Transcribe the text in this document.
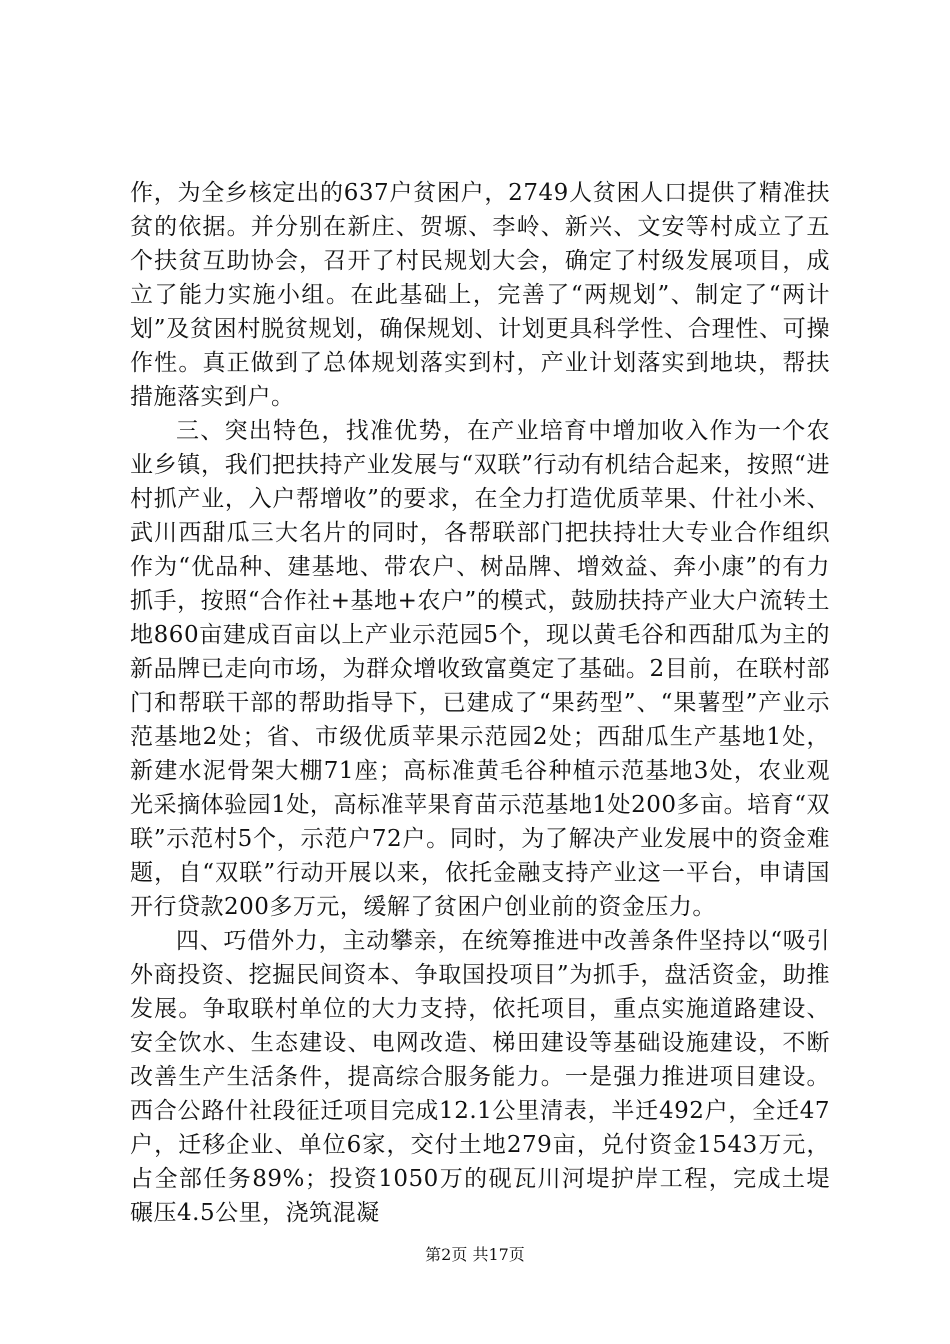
作，为全乡核定出的637户贫困户，2749人贫困人口提供了精准扶贫的依据。并分别在新庄、贺塬、李岭、新兴、文安等村成立了五个扶贫互助协会，召开了村民规划大会，确定了村级发展项目，成立了能力实施小组。在此基础上，完善了“两规划”、制定了“两计划”及贫困村脱贫规划，确保规划、计划更具科学性、合理性、可操作性。真正做到了总体规划落实到村，产业计划落实到地块，帮扶措施落实到户。

三、突出特色，找准优势，在产业培育中增加收入作为一个农业乡镇，我们把扶持产业发展与“双联”行动有机结合起来，按照“进村抓产业，入户帮增收”的要求，在全力打造优质苹果、什社小米、武川西甜瓜三大名片的同时，各帮联部门把扶持壮大专业合作组织作为“优品种、建基地、带农户、树品牌、增效益、奔小康”的有力抓手，按照“合作社+基地+农户”的模式，鼓励扶持产业大户流转土地860亩建成百亩以上产业示范园5个，现以黄毛谷和西甜瓜为主的新品牌已走向市场，为群众增收致富奠定了基础。2目前，在联村部门和帮联干部的帮助指导下，已建成了“果药型”、“果薯型”产业示范基地2处；省、市级优质苹果示范园2处；西甜瓜生产基地1处，新建水泥骨架大棚71座；高标准黄毛谷种植示范基地3处，农业观光采摘体验园1处，高标准苹果育苗示范基地1处200多亩。培育“双联”示范村5个，示范户72户。同时，为了解决产业发展中的资金难题，自“双联”行动开展以来，依托金融支持产业这一平台，申请国开行贷款200多万元，缓解了贫困户创业前的资金压力。

四、巧借外力，主动攀亲，在统筹推进中改善条件坚持以“吸引外商投资、挖掘民间资本、争取国投项目”为抓手，盘活资金，助推发展。争取联村单位的大力支持，依托项目，重点实施道路建设、安全饮水、生态建设、电网改造、梯田建设等基础设施建设，不断改善生产生活条件，提高综合服务能力。一是强力推进项目建设。西合公路什社段征迁项目完成12.1公里清表，半迁492户，全迁47户，迁移企业、单位6家，交付土地279亩，兑付资金1543万元，占全部任务89%；投资1050万的砚瓦川河堤护岸工程，完成土堤碾压4.5公里，浇筑混凝

第2页 共17页
